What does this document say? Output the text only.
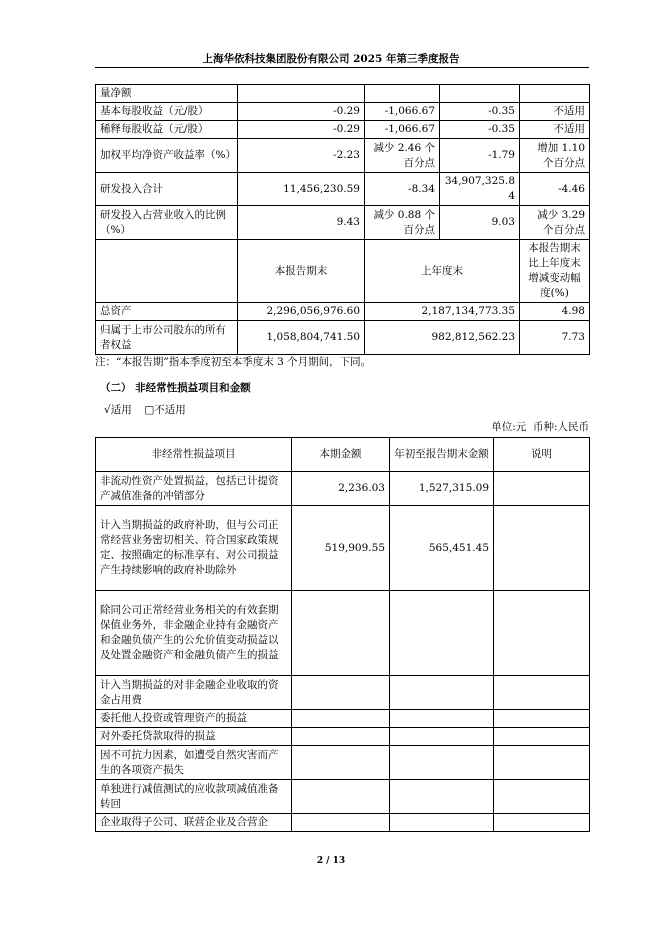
上海华依科技集团股份有限公司 2025 年第三季度报告
量净额				
基本每股收益（元/股）	-0.29	-1,066.67	-0.35	不适用
稀释每股收益（元/股）	-0.29	-1,066.67	-0.35	不适用
加权平均净资产收益率（%）	-2.23	减少 2.46 个百分点	-1.79	增加 1.10 个百分点
研发投入合计	11,456,230.59	-8.34	34,907,325.84	-4.46
研发投入占营业收入的比例（%）	9.43	减少 0.88 个百分点	9.03	减少 3.29 个百分点
	本报告期末	上年度末		本报告期末比上年度末增减变动幅度(%)
总资产	2,296,056,976.60	2,187,134,773.35		4.98
归属于上市公司股东的所有者权益	1,058,804,741.50	982,812,562.23		7.73
注：“本报告期”指本季度初至本季度末 3 个月期间，下同。
（二） 非经常性损益项目和金额
√适用 □不适用
单位:元  币种:人民币
非经常性损益项目	本期金额	年初至报告期末金额	说明
非流动性资产处置损益，包括已计提资产减值准备的冲销部分	2,236.03	1,527,315.09	
计入当期损益的政府补助，但与公司正常经营业务密切相关、符合国家政策规定、按照确定的标准享有、对公司损益产生持续影响的政府补助除外	519,909.55	565,451.45	
除同公司正常经营业务相关的有效套期保值业务外，非金融企业持有金融资产和金融负债产生的公允价值变动损益以及处置金融资产和金融负债产生的损益			
计入当期损益的对非金融企业收取的资金占用费			
委托他人投资或管理资产的损益			
对外委托贷款取得的损益			
因不可抗力因素，如遭受自然灾害而产生的各项资产损失			
单独进行减值测试的应收款项减值准备转回			
企业取得子公司、联营企业及合营企			
2 / 13
